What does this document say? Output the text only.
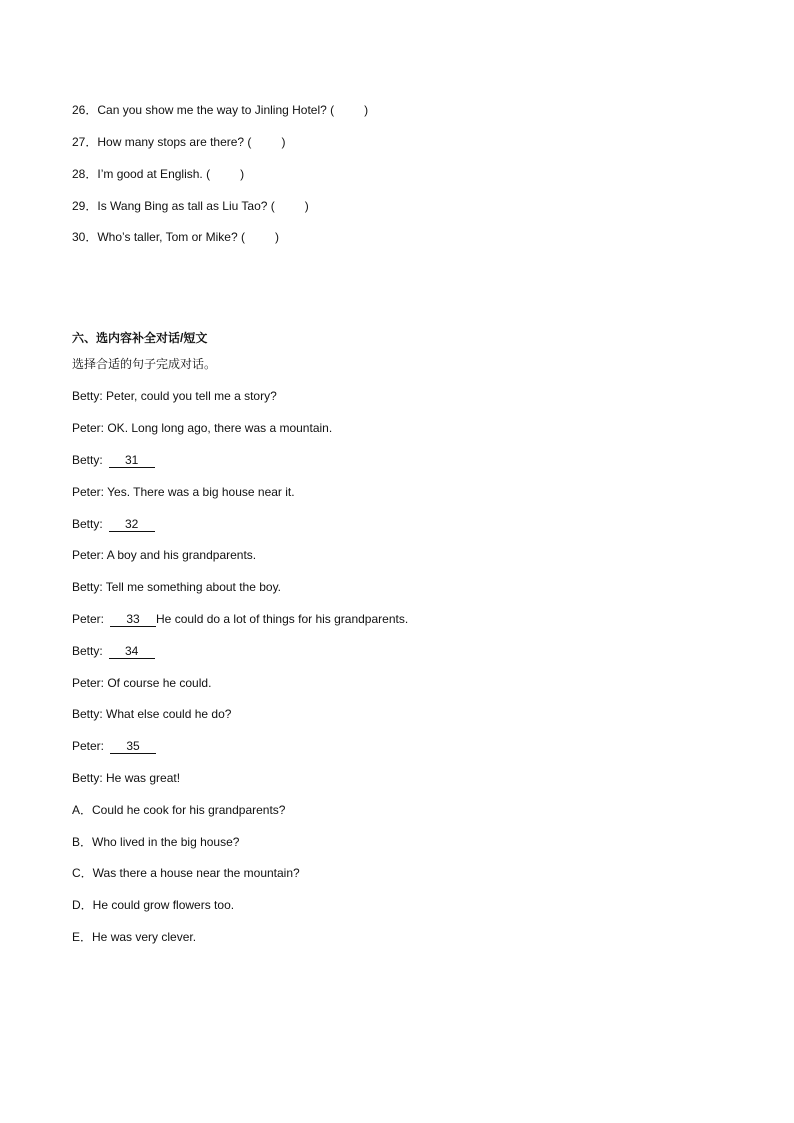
26．Can you show me the way to Jinling Hotel? (	)
27．How many stops are there? (	)
28．I’m good at English. (	)
29．Is Wang Bing as tall as Liu Tao? (	)
30．Who’s taller, Tom or Mike? (	)
六、选内容补全对话/短文
选择合适的句子完成对话。
Betty: Peter, could you tell me a story?
Peter: OK. Long long ago, there was a mountain.
Betty: 31
Peter: Yes. There was a big house near it.
Betty: 32
Peter: A boy and his grandparents.
Betty: Tell me something about the boy.
Peter: 33 He could do a lot of things for his grandparents.
Betty: 34
Peter: Of course he could.
Betty: What else could he do?
Peter: 35
Betty: He was great!
A．Could he cook for his grandparents?
B．Who lived in the big house?
C．Was there a house near the mountain?
D．He could grow flowers too.
E．He was very clever.
